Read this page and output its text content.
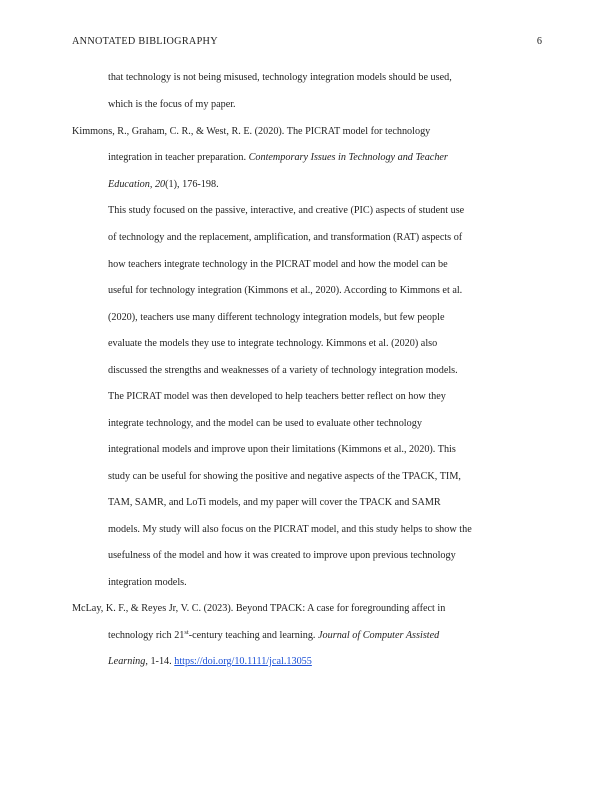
ANNOTATED BIBLIOGRAPHY	6
that technology is not being misused, technology integration models should be used,
which is the focus of my paper.
Kimmons, R., Graham, C. R., & West, R. E. (2020). The PICRAT model for technology
integration in teacher preparation. Contemporary Issues in Technology and Teacher
Education, 20(1), 176-198.
This study focused on the passive, interactive, and creative (PIC) aspects of student use
of technology and the replacement, amplification, and transformation (RAT) aspects of
how teachers integrate technology in the PICRAT model and how the model can be
useful for technology integration (Kimmons et al., 2020). According to Kimmons et al.
(2020), teachers use many different technology integration models, but few people
evaluate the models they use to integrate technology. Kimmons et al. (2020) also
discussed the strengths and weaknesses of a variety of technology integration models.
The PICRAT model was then developed to help teachers better reflect on how they
integrate technology, and the model can be used to evaluate other technology
integrational models and improve upon their limitations (Kimmons et al., 2020). This
study can be useful for showing the positive and negative aspects of the TPACK, TIM,
TAM, SAMR, and LoTi models, and my paper will cover the TPACK and SAMR
models. My study will also focus on the PICRAT model, and this study helps to show the
usefulness of the model and how it was created to improve upon previous technology
integration models.
McLay, K. F., & Reyes Jr, V. C. (2023). Beyond TPACK: A case for foregrounding affect in
technology rich 21st-century teaching and learning. Journal of Computer Assisted
Learning, 1-14. https://doi.org/10.1111/jcal.13055
